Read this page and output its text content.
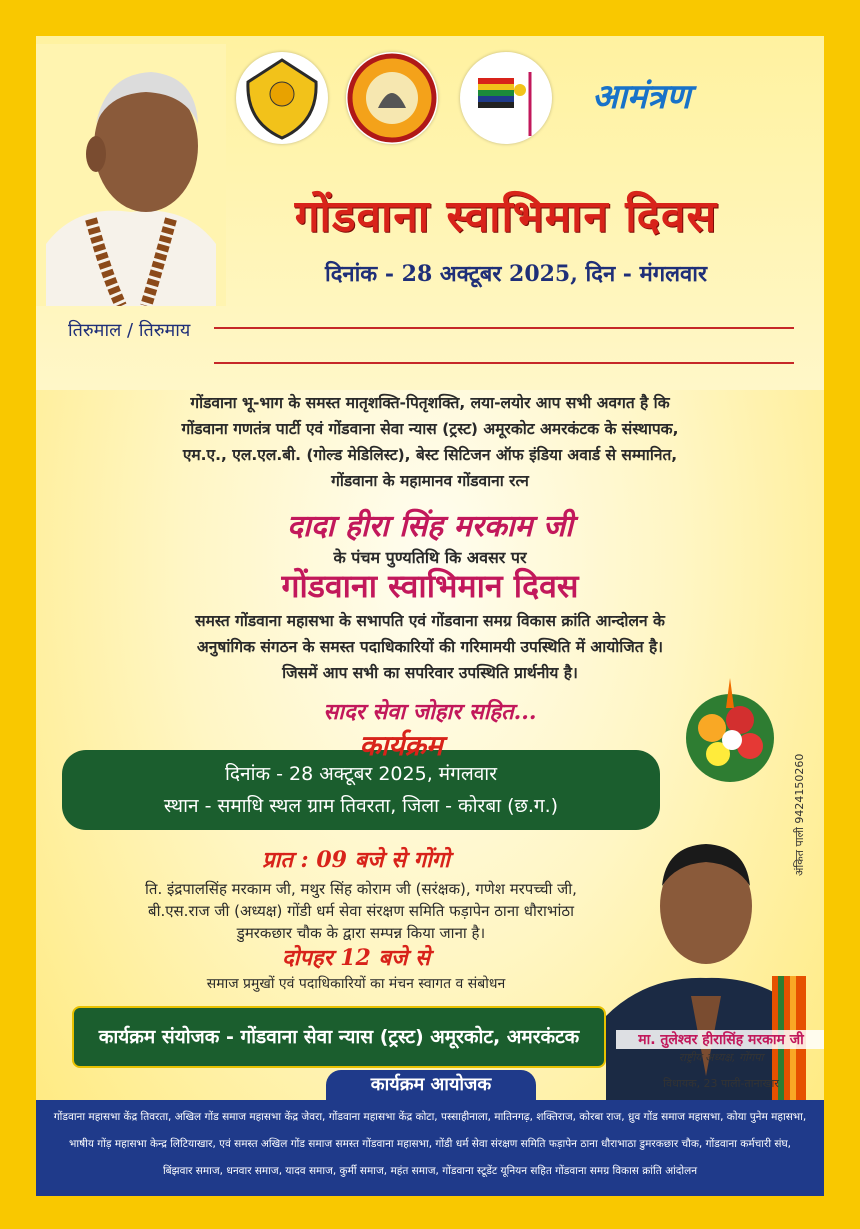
आमंत्रण
गोंडवाना स्वाभिमान दिवस
दिनांक - 28 अक्टूबर 2025, दिन - मंगलवार
तिरुमाल / तिरुमाय
गोंडवाना भू-भाग के समस्त मातृशक्ति-पितृशक्ति, लया-लयोर आप सभी अवगत है कि
गोंडवाना गणतंत्र पार्टी एवं गोंडवाना सेवा न्यास (ट्रस्ट) अमूरकोट अमरकंटक के संस्थापक,
एम.ए., एल.एल.बी. (गोल्ड मेडिलिस्ट), बेस्ट सिटिजन ऑफ इंडिया अवार्ड से सम्मानित,
गोंडवाना के महामानव गोंडवाना रत्न
दादा हीरा सिंह मरकाम जी
के पंचम पुण्यतिथि कि अवसर पर
गोंडवाना स्वाभिमान दिवस
समस्त गोंडवाना महासभा के सभापति एवं गोंडवाना समग्र विकास क्रांति आन्दोलन के
अनुषांगिक संगठन के समस्त पदाधिकारियों की गरिमामयी उपस्थिति में आयोजित है।
जिसमें आप सभी का सपरिवार उपस्थिति प्रार्थनीय है।
सादर सेवा जोहार सहित...
कार्यक्रम
दिनांक - 28 अक्टूबर 2025, मंगलवार
स्थान - समाधि स्थल ग्राम तिवरता, जिला - कोरबा (छ.ग.)
प्रात : 09 बजे से गोंगो
ति. इंद्रपालसिंह मरकाम जी, मथुर सिंह कोराम जी (सरंक्षक), गणेश मरपच्ची जी,
बी.एस.राज जी (अध्यक्ष) गोंडी धर्म सेवा संरक्षण समिति फड़ापेन ठाना धौराभांठा
डुमरकछार चौक के द्वारा सम्पन्न किया जाना है।
दोपहर 12 बजे से
समाज प्रमुखों एवं पदाधिकारियों का मंचन स्वागत व संबोधन
कार्यक्रम संयोजक - गोंडवाना सेवा न्यास (ट्रस्ट) अमूरकोट, अमरकंटक
अंकित पाली 9424150260
मा. तुलेश्वर हीरासिंह मरकाम जी
राष्ट्रीय अध्यक्ष, गोंगपा
विधायक, 23 पाली-तानाखार
कार्यक्रम आयोजक
गोंडवाना महासभा केंद्र तिवरता, अखिल गोंड समाज महासभा केंद्र जेवरा, गोंडवाना महासभा केंद्र कोटा, पस्साहीनाला, मातिनगढ़, शक्तिराज, कोरबा राज, ध्रुव गोंड समाज महासभा, कोया पुनेम महासभा,
भाषीय गोंड़ महासभा केन्द्र लिटियाखार, एवं समस्त अखिल गोंड समाज समस्त गोंडवाना महासभा, गोंडी धर्म सेवा संरक्षण समिति फड़ापेन ठाना धौराभाठा डुमरकछार चौक, गोंडवाना कर्मचारी संघ,
बिंझवार समाज, धनवार समाज, यादव समाज, कुर्मी समाज, महंत समाज, गोंडवाना स्टूडेंट यूनियन सहित गोंडवाना समग्र विकास क्रांति आंदोलन
